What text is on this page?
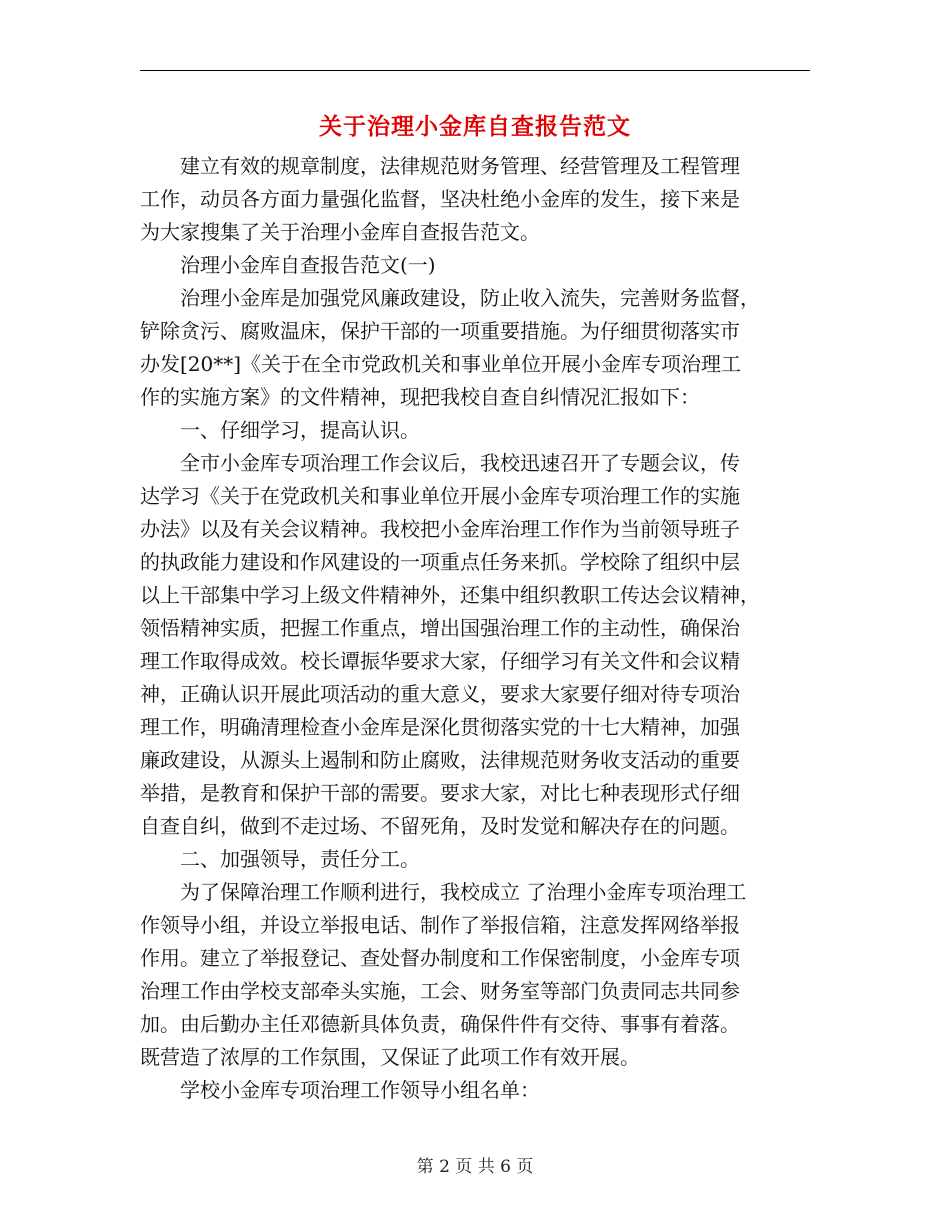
关于治理小金库自查报告范文
　　建立有效的规章制度，法律规范财务管理、经营管理及工程管理
工作，动员各方面力量强化监督，坚决杜绝小金库的发生，接下来是
为大家搜集了关于治理小金库自查报告范文。
　　治理小金库自查报告范文(一)
　　治理小金库是加强党风廉政建设，防止收入流失，完善财务监督，
铲除贪污、腐败温床，保护干部的一项重要措施。为仔细贯彻落实市
办发[20**]《关于在全市党政机关和事业单位开展小金库专项治理工
作的实施方案》的文件精神，现把我校自查自纠情况汇报如下：
　　一、仔细学习，提高认识。
　　全市小金库专项治理工作会议后，我校迅速召开了专题会议，传
达学习《关于在党政机关和事业单位开展小金库专项治理工作的实施
办法》以及有关会议精神。我校把小金库治理工作作为当前领导班子
的执政能力建设和作风建设的一项重点任务来抓。学校除了组织中层
以上干部集中学习上级文件精神外，还集中组织教职工传达会议精神，
领悟精神实质，把握工作重点，增出国强治理工作的主动性，确保治
理工作取得成效。校长谭振华要求大家，仔细学习有关文件和会议精
神，正确认识开展此项活动的重大意义，要求大家要仔细对待专项治
理工作，明确清理检查小金库是深化贯彻落实党的十七大精神，加强
廉政建设，从源头上遏制和防止腐败，法律规范财务收支活动的重要
举措，是教育和保护干部的需要。要求大家，对比七种表现形式仔细
自查自纠，做到不走过场、不留死角，及时发觉和解决存在的问题。
　　二、加强领导，责任分工。
　　为了保障治理工作顺利进行，我校成立 了治理小金库专项治理工
作领导小组，并设立举报电话、制作了举报信箱，注意发挥网络举报
作用。建立了举报登记、查处督办制度和工作保密制度，小金库专项
治理工作由学校支部牵头实施，工会、财务室等部门负责同志共同参
加。由后勤办主任邓德新具体负责，确保件件有交待、事事有着落。
既营造了浓厚的工作氛围，又保证了此项工作有效开展。
　　学校小金库专项治理工作领导小组名单：
第 2 页 共 6 页
